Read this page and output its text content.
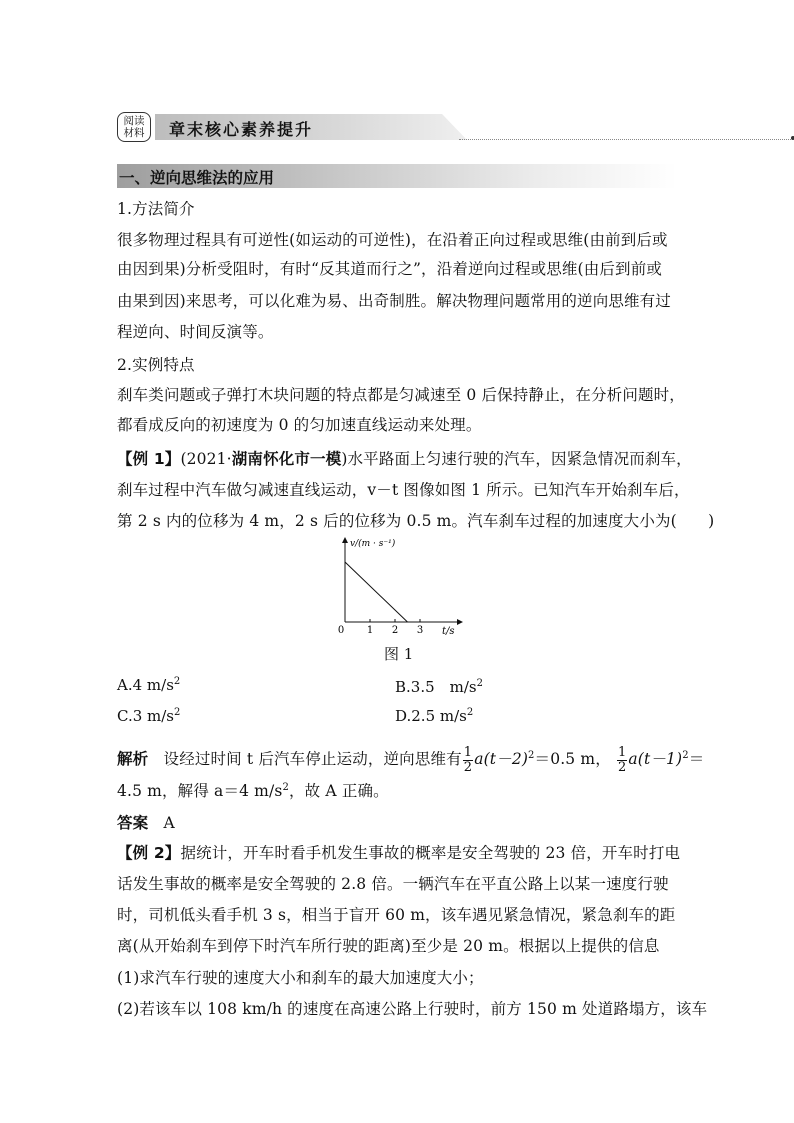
阅读
材料	章末核心素养提升
一、逆向思维法的应用
1.方法简介
很多物理过程具有可逆性(如运动的可逆性)，在沿着正向过程或思维(由前到后或
由因到果)分析受阻时，有时“反其道而行之”，沿着逆向过程或思维(由后到前或
由果到因)来思考，可以化难为易、出奇制胜。解决物理问题常用的逆向思维有过
程逆向、时间反演等。
2.实例特点
刹车类问题或子弹打木块问题的特点都是匀减速至 0 后保持静止，在分析问题时，
都看成反向的初速度为 0 的匀加速直线运动来处理。
【例 1】(2021·湖南怀化市一模)水平路面上匀速行驶的汽车，因紧急情况而刹车，
刹车过程中汽车做匀减速直线运动，v－t 图像如图 1 所示。已知汽车开始刹车后，
第 2 s 内的位移为 4 m，2 s 后的位移为 0.5 m。汽车刹车过程的加速度大小为(　　)
v/(m · s⁻¹)
t/s
0 1 2 3
图 1
A.4 $m/s^2$	B.3.5　$m/s^2$
C.3 $m/s^2$	D.2.5 $m/s^2$
解析 设经过时间 t 后汽车停止运动，逆向思维有 $\frac{1}{2} a(t-2)^2=0.5$ m， $\frac{1}{2} a(t-1)^2=$
4.5 m，解得 a＝4 $m/s^2$，故 A 正确。
答案 A
【例 2】据统计，开车时看手机发生事故的概率是安全驾驶的 23 倍，开车时打电
话发生事故的概率是安全驾驶的 2.8 倍。一辆汽车在平直公路上以某一速度行驶
时，司机低头看手机 3 s，相当于盲开 60 m，该车遇见紧急情况，紧急刹车的距
离(从开始刹车到停下时汽车所行驶的距离)至少是 20 m。根据以上提供的信息
(1)求汽车行驶的速度大小和刹车的最大加速度大小；
(2)若该车以 108 km/h 的速度在高速公路上行驶时，前方 150 m 处道路塌方，该车
